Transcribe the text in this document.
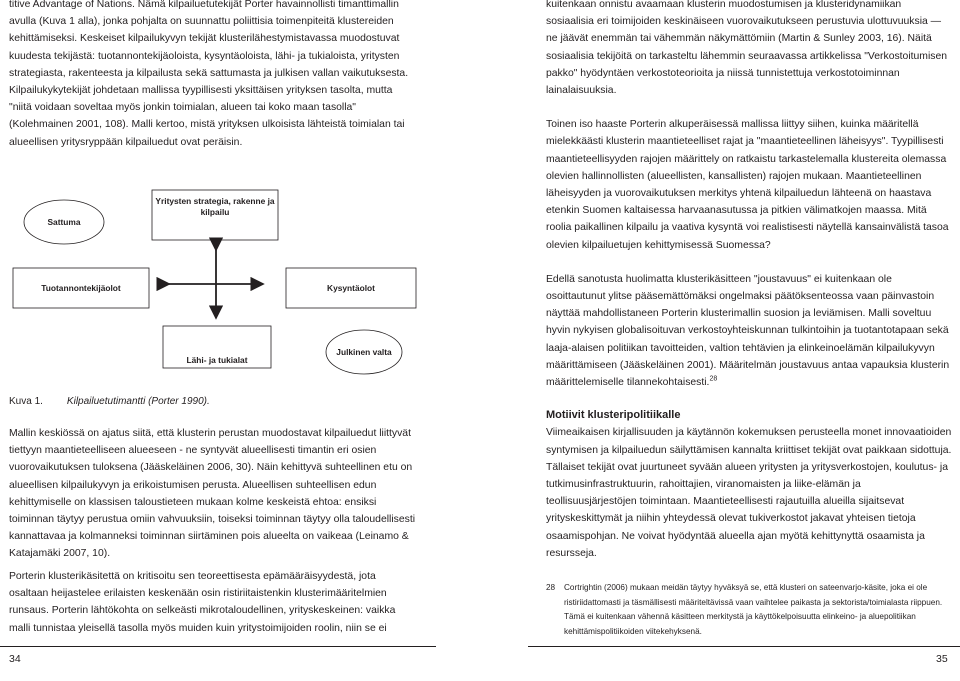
titive Advantage of Nations. Nämä kilpailuetutekijät Porter havainnollisti timanttimallin avulla (Kuva 1 alla), jonka pohjalta on suunnattu poliittisia toimenpiteitä klustereiden kehittämiseksi. Keskeiset kilpailukyvyn tekijät klusterilähestymistavassa muodostuvat kuudesta tekijästä: tuotannontekijäoloista, kysyntäoloista, lähi- ja tukialoista, yritysten strategiasta, rakenteesta ja kilpailusta sekä sattumasta ja julkisen vallan vaikutuksesta. Kilpailukykytekijät johdetaan mallissa tyypillisesti yksittäisen yrityksen tasolta, mutta "niitä voidaan soveltaa myös jonkin toimialan, alueen tai koko maan tasolla" (Kolehmainen 2001, 108). Malli kertoo, mistä yrityksen ulkoisista lähteistä toimialan tai alueellisen yritysryppään kilpailuedut ovat peräisin.

Yritysten strategia, rakenne ja kilpailu
Sattuma
Tuotannontekijäolot	Kysyntäolot
Lähi- ja tukialat
Julkinen valta
Kuva 1. Kilpailuetutimantti (Porter 1990).

Mallin keskiössä on ajatus siitä, että klusterin perustan muodostavat kilpailuedut liittyvät tiettyyn maantieteelliseen alueeseen - ne syntyvät alueellisesti timantin eri osien vuorovaikutuksen tuloksena (Jääskeläinen 2006, 30). Näin kehittyvä suhteellinen etu on alueellisen kilpailukyvyn ja erikoistumisen perusta. Alueellisen suhteellisen edun kehittymiselle on klassisen taloustieteen mukaan kolme keskeistä ehtoa: ensiksi toiminnan täytyy perustua omiin vahvuuksiin, toiseksi toiminnan täytyy olla taloudellisesti kannattavaa ja kolmanneksi toiminnan siirtäminen pois alueelta on vaikeaa (Leinamo & Katajamäki 2007, 10).

Porterin klusterikäsitettä on kritisoitu sen teoreettisesta epämääräisyydestä, jota osaltaan heijastelee erilaisten keskenään osin ristiriitaistenkin klusterimääritelmien runsaus. Porterin lähtökohta on selkeästi mikrotaloudellinen, yrityskeskeinen: vaikka malli tunnistaa yleisellä tasolla myös muiden kuin yritystoimijoiden roolin, niin se ei

kuitenkaan onnistu avaamaan klusterin muodostumisen ja klusteridynamiikan sosiaalisia eri toimijoiden keskinäiseen vuorovaikutukseen perustuvia ulottuvuuksia — ne jäävät enemmän tai vähemmän näkymättömiin (Martin & Sunley 2003, 16). Näitä sosiaalisia tekijöitä on tarkasteltu lähemmin seuraavassa artikkelissa "Verkostoitumisen pakko" hyödyntäen verkostoteorioita ja niissä tunnistettuja verkostotoiminnan lainalaisuuksia.

Toinen iso haaste Porterin alkuperäisessä mallissa liittyy siihen, kuinka määritellä mielekkäästi klusterin maantieteelliset rajat ja "maantieteellinen läheisyys". Tyypillisesti maantieteellisyyden rajojen määrittely on ratkaistu tarkastelemalla klustereita olemassa olevien hallinnollisten (alueellisten, kansallisten) rajojen mukaan. Maantieteellinen läheisyyden ja vuorovaikutuksen merkitys yhtenä kilpailuedun lähteenä on haastava etenkin Suomen kaltaisessa harvaanasutussa ja pitkien välimatkojen maassa. Mitä roolia paikallinen kilpailu ja vaativa kysyntä voi realistisesti näytellä kansainvälistä tasoa olevien kilpailuetujen kehittymisessä Suomessa?

Edellä sanotusta huolimatta klusterikäsitteen "joustavuus" ei kuitenkaan ole osoittautunut ylitse pääsemättömäksi ongelmaksi päätöksenteossa vaan päinvastoin näyttää mahdollistaneen Porterin klusterimallin suosion ja leviämisen. Malli soveltuu hyvin nykyisen globalisoituvan verkostoyhteiskunnan tulkintoihin ja tuotantotapaan sekä laaja-alaisen politiikan tavoitteiden, valtion tehtävien ja elinkeinoelämän kilpailukyvyn määrittämiseen (Jääskeläinen 2001). Määritelmän joustavuus antaa vapauksia klusterin määrittelemiselle tilannekohtaisesti.$^{28}$

Motiivit klusteripolitiikalle

Viimeaikaisen kirjallisuuden ja käytännön kokemuksen perusteella monet innovaatioiden syntymisen ja kilpailuedun säilyttämisen kannalta kriittiset tekijät ovat paikkaan sidottuja. Tällaiset tekijät ovat juurtuneet syvään alueen yritysten ja yritysverkostojen, koulutus- ja tutkimusinfrastruktuurin, rahoittajien, viranomaisten ja liike-elämän ja teollisuusjärjestöjen toimintaan. Maantieteellisesti rajautuilla alueilla sijaitsevat yrityskeskittymät ja niihin yhteydessä olevat tukiverkostot jakavat yhteisen tietoja osaamispohjan. Ne voivat hyödyntää alueella ajan myötä kehittynyttä osaamista ja resursseja.

28 Cortrightin (2006) mukaan meidän täytyy hyväksyä se, että klusteri on sateenvarjo-käsite, joka ei ole ristiriidattomasti ja täsmällisesti määriteltävissä vaan vaihtelee paikasta ja sektorista/toimialasta riippuen. Tämä ei kuitenkaan vähennä käsitteen merkitystä ja käyttökelpoisuutta elinkeino- ja aluepolitiikan kehittämispolitiikoiden viitekehyksenä.
34	35
